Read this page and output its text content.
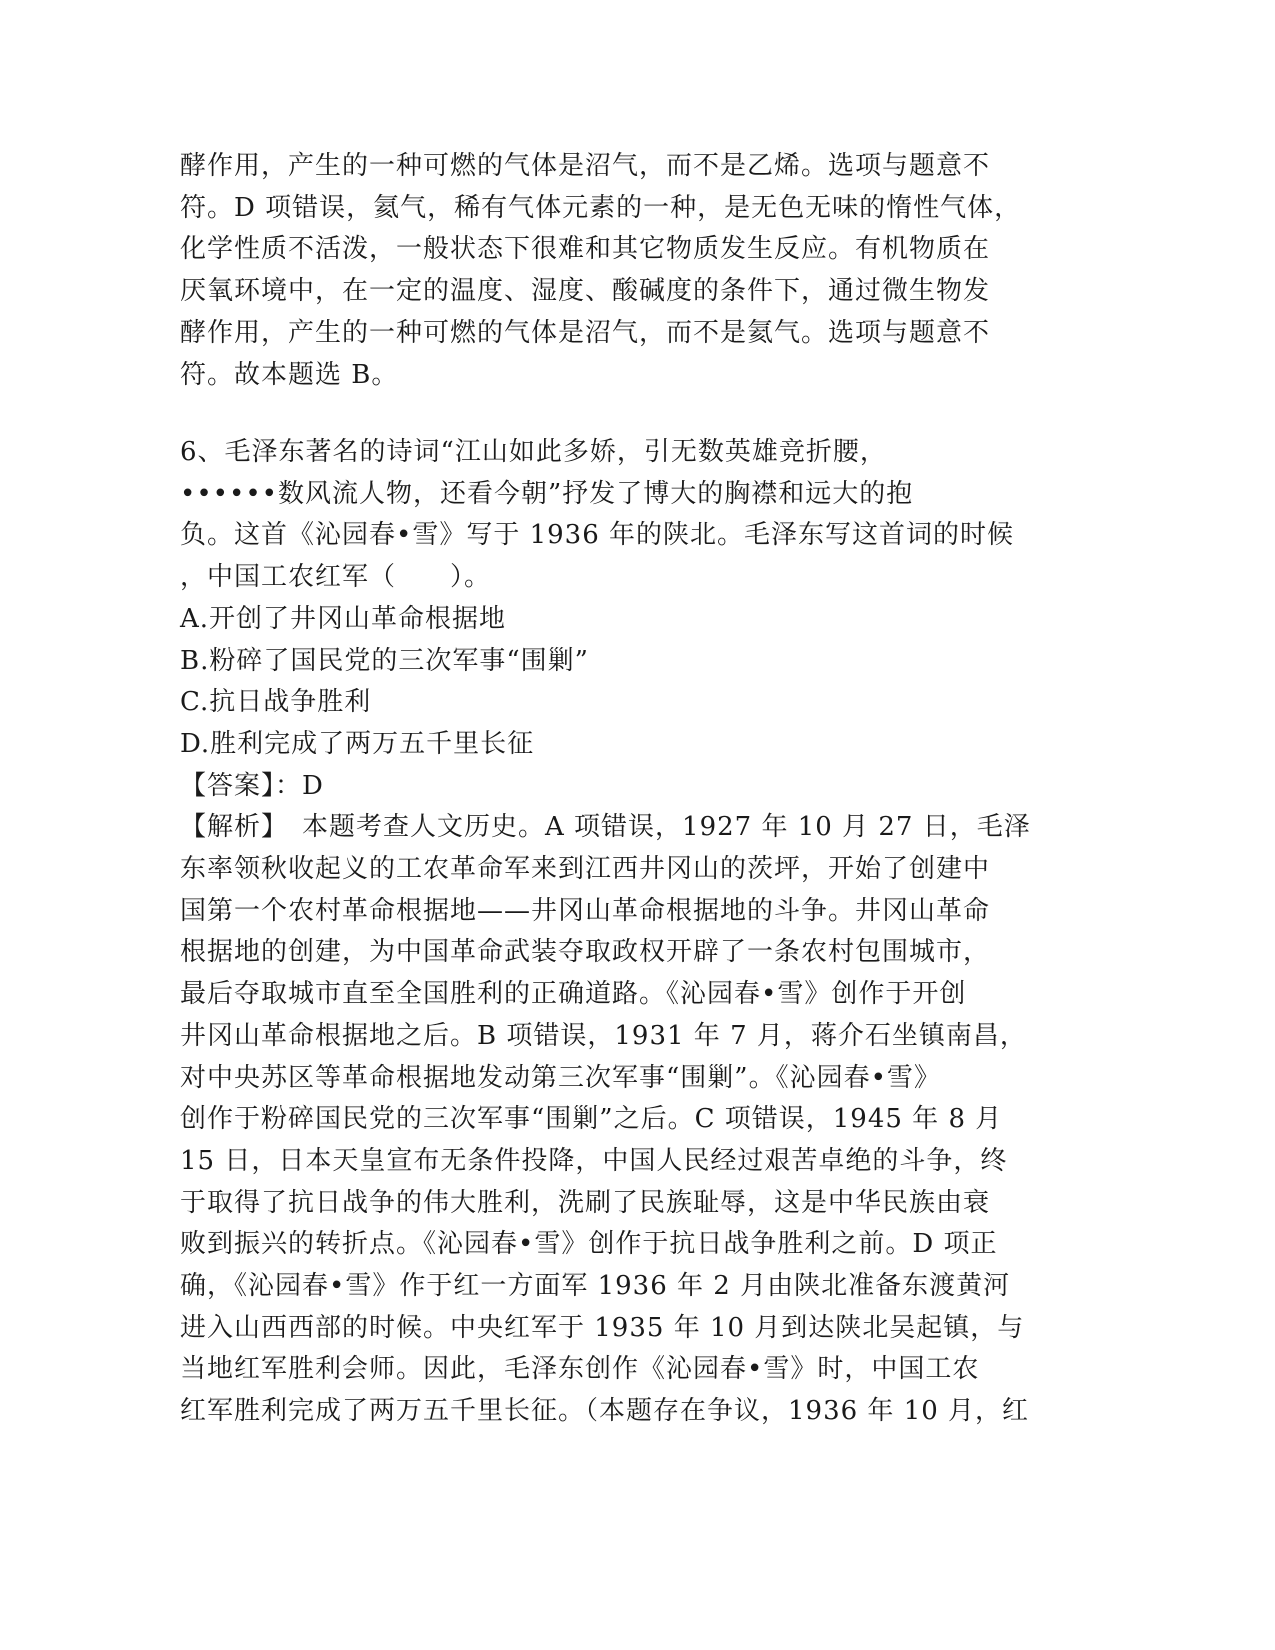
酵作用，产生的一种可燃的气体是沼气，而不是乙烯。选项与题意不
符。D 项错误，氦气，稀有气体元素的一种，是无色无味的惰性气体，
化学性质不活泼，一般状态下很难和其它物质发生反应。有机物质在
厌氧环境中，在一定的温度、湿度、酸碱度的条件下，通过微生物发
酵作用，产生的一种可燃的气体是沼气，而不是氦气。选项与题意不
符。故本题选 B。
6、毛泽东著名的诗词“江山如此多娇，引无数英雄竞折腰，
••••••数风流人物，还看今朝”抒发了博大的胸襟和远大的抱
负。这首《沁园春•雪》写于 1936 年的陕北。毛泽东写这首词的时候
，中国工农红军（　　）。
A.开创了井冈山革命根据地
B.粉碎了国民党的三次军事“围剿”
C.抗日战争胜利
D.胜利完成了两万五千里长征
【答案】：D
【解析】　本题考查人文历史。A 项错误，1927 年 10 月 27 日，毛泽
东率领秋收起义的工农革命军来到江西井冈山的茨坪，开始了创建中
国第一个农村革命根据地——井冈山革命根据地的斗争。井冈山革命
根据地的创建，为中国革命武装夺取政权开辟了一条农村包围城市，
最后夺取城市直至全国胜利的正确道路。《沁园春•雪》创作于开创
井冈山革命根据地之后。B 项错误，1931 年 7 月，蒋介石坐镇南昌，
对中央苏区等革命根据地发动第三次军事“围剿”。《沁园春•雪》
创作于粉碎国民党的三次军事“围剿”之后。C 项错误，1945 年 8 月
15 日，日本天皇宣布无条件投降，中国人民经过艰苦卓绝的斗争，终
于取得了抗日战争的伟大胜利，洗刷了民族耻辱，这是中华民族由衰
败到振兴的转折点。《沁园春•雪》创作于抗日战争胜利之前。D 项正
确，《沁园春•雪》作于红一方面军 1936 年 2 月由陕北准备东渡黄河
进入山西西部的时候。中央红军于 1935 年 10 月到达陕北吴起镇，与
当地红军胜利会师。因此，毛泽东创作《沁园春•雪》时，中国工农
红军胜利完成了两万五千里长征。（本题存在争议，1936 年 10 月，红
